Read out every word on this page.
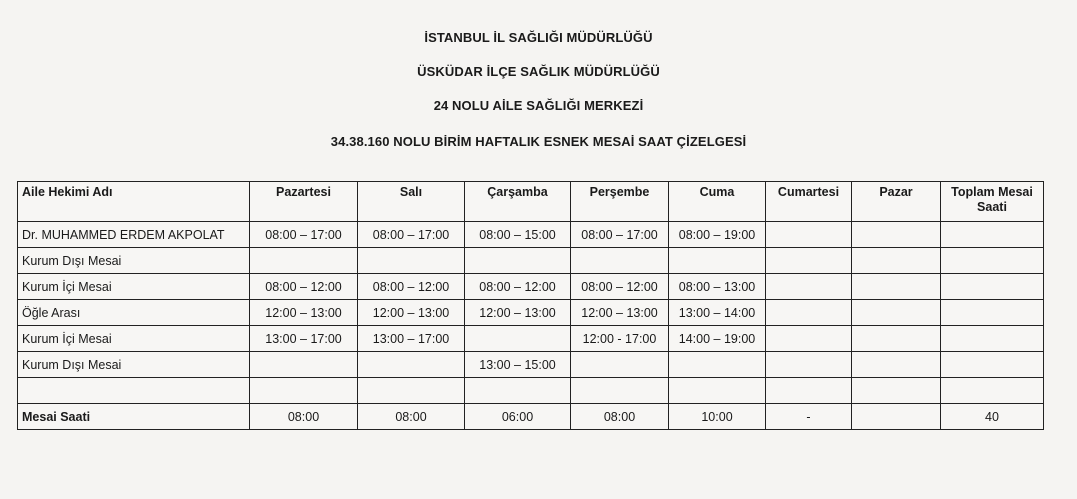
İSTANBUL İL SAĞLIĞI MÜDÜRLÜĞÜ
ÜSKÜDAR İLÇE SAĞLIK MÜDÜRLÜĞÜ
24 NOLU AİLE SAĞLIĞI MERKEZİ
34.38.160 NOLU BİRİM HAFTALIK ESNEK MESAİ SAAT ÇİZELGESİ
Aile Hekimi Adı	Pazartesi	Salı	Çarşamba	Perşembe	Cuma	Cumartesi	Pazar	Toplam Mesai Saati
Dr. MUHAMMED ERDEM AKPOLAT	08:00 – 17:00	08:00 – 17:00	08:00 – 15:00	08:00 – 17:00	08:00 – 19:00			
Kurum Dışı Mesai								
Kurum İçi Mesai	08:00 – 12:00	08:00 – 12:00	08:00 – 12:00	08:00 – 12:00	08:00 – 13:00			
Öğle Arası	12:00 – 13:00	12:00 – 13:00	12:00 – 13:00	12:00 – 13:00	13:00 – 14:00			
Kurum İçi Mesai	13:00 – 17:00	13:00 – 17:00		12:00 - 17:00	14:00 – 19:00			
Kurum Dışı Mesai			13:00 – 15:00					

Mesai Saati	08:00	08:00	06:00	08:00	10:00	-		40
